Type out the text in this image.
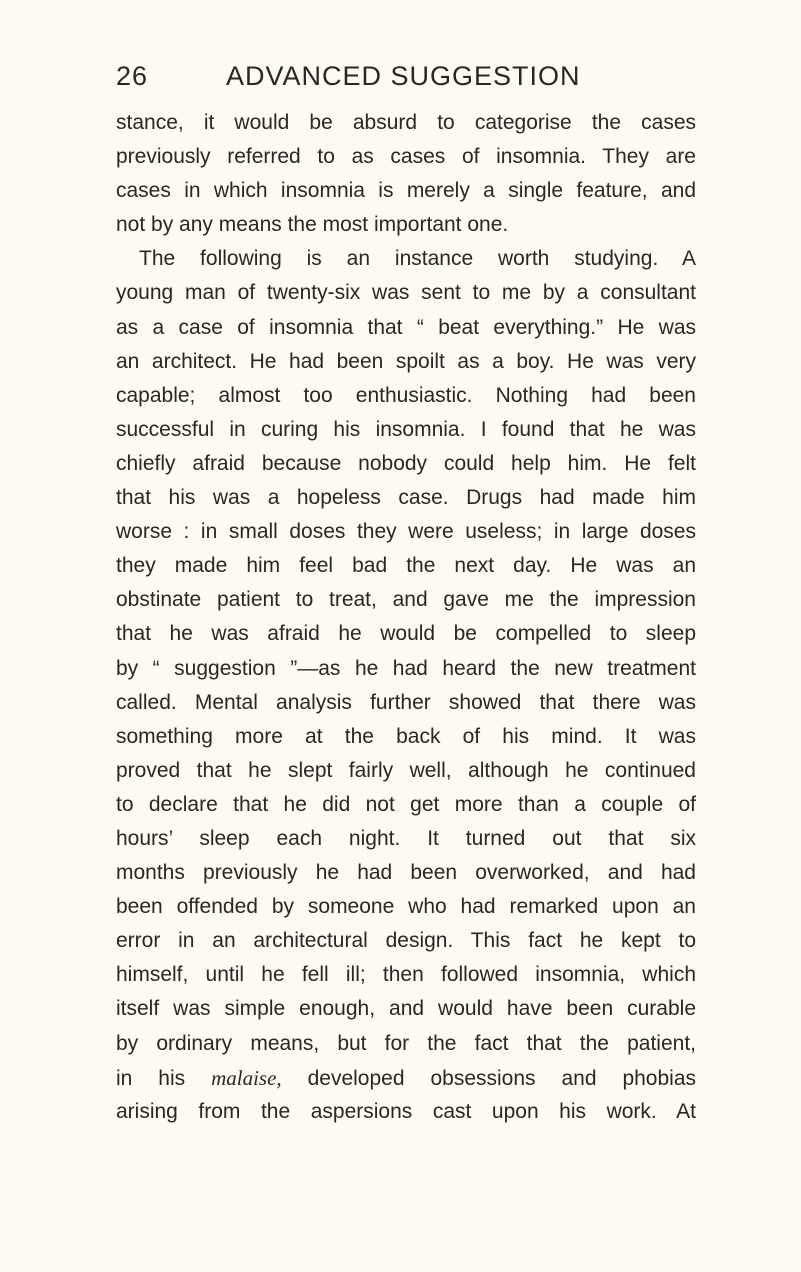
26	ADVANCED SUGGESTION
stance, it would be absurd to categorise the cases
previously referred to as cases of insomnia. They are
cases in which insomnia is merely a single feature, and
not by any means the most important one.
The following is an instance worth studying. A
young man of twenty-six was sent to me by a consultant
as a case of insomnia that “ beat everything.” He was
an architect. He had been spoilt as a boy. He was very
capable; almost too enthusiastic. Nothing had been
successful in curing his insomnia. I found that he was
chiefly afraid because nobody could help him. He felt
that his was a hopeless case. Drugs had made him
worse : in small doses they were useless; in large doses
they made him feel bad the next day. He was an
obstinate patient to treat, and gave me the impression
that he was afraid he would be compelled to sleep
by “ suggestion ”—as he had heard the new treatment
called. Mental analysis further showed that there was
something more at the back of his mind. It was
proved that he slept fairly well, although he continued
to declare that he did not get more than a couple of
hours’ sleep each night. It turned out that six
months previously he had been overworked, and had
been offended by someone who had remarked upon an
error in an architectural design. This fact he kept to
himself, until he fell ill; then followed insomnia, which
itself was simple enough, and would have been curable
by ordinary means, but for the fact that the patient,
in his malaise, developed obsessions and phobias
arising from the aspersions cast upon his work. At
